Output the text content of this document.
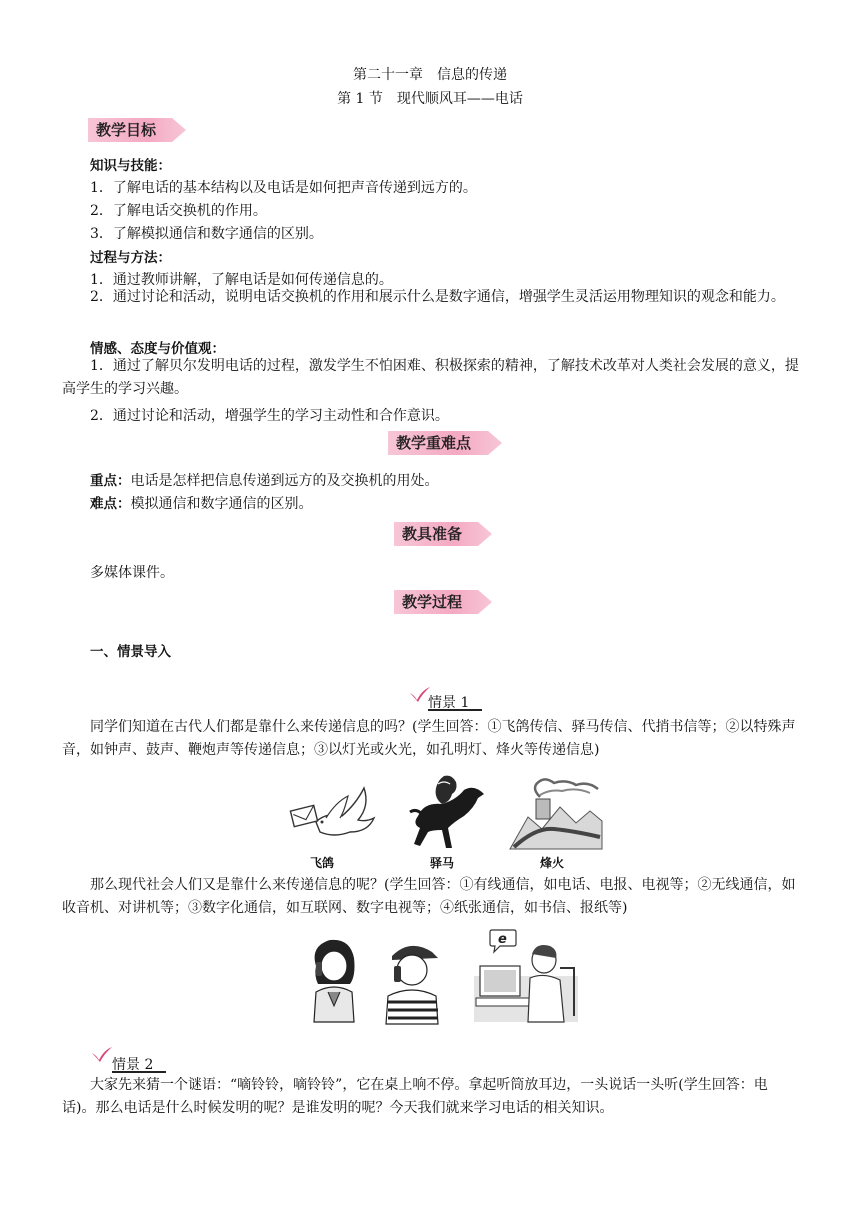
第二十一章　信息的传递
第 1 节　现代顺风耳——电话
教学目标
知识与技能：
1．了解电话的基本结构以及电话是如何把声音传递到远方的。
2．了解电话交换机的作用。
3．了解模拟通信和数字通信的区别。
过程与方法：
1．通过教师讲解，了解电话是如何传递信息的。

2．通过讨论和活动，说明电话交换机的作用和展示什么是数字通信，增强学生灵活运用物理知识的观念和能力。

情感、态度与价值观：

1．通过了解贝尔发明电话的过程，激发学生不怕困难、积极探索的精神，了解技术改革对人类社会发展的意义，提高学生的学习兴趣。

2．通过讨论和活动，增强学生的学习主动性和合作意识。
教学重难点
重点：电话是怎样把信息传递到远方的及交换机的用处。
难点：模拟通信和数字通信的区别。
教具准备
多媒体课件。
教学过程
一、情景导入
情景 1

同学们知道在古代人们都是靠什么来传递信息的吗？(学生回答：①飞鸽传信、驿马传信、代捎书信等；②以特殊声音，如钟声、鼓声、鞭炮声等传递信息；③以灯光或火光，如孔明灯、烽火等传递信息)

飞鸽	驿马	烽火

那么现代社会人们又是靠什么来传递信息的呢？(学生回答：①有线通信，如电话、电报、电视等；②无线通信，如收音机、对讲机等；③数字化通信，如互联网、数字电视等；④纸张通信，如书信、报纸等)

e
情景 2

大家先来猜一个谜语：“嘀铃铃，嘀铃铃”，它在桌上响不停。拿起听筒放耳边，一头说话一头听(学生回答：电话)。那么电话是什么时候发明的呢？是谁发明的呢？今天我们就来学习电话的相关知识。
